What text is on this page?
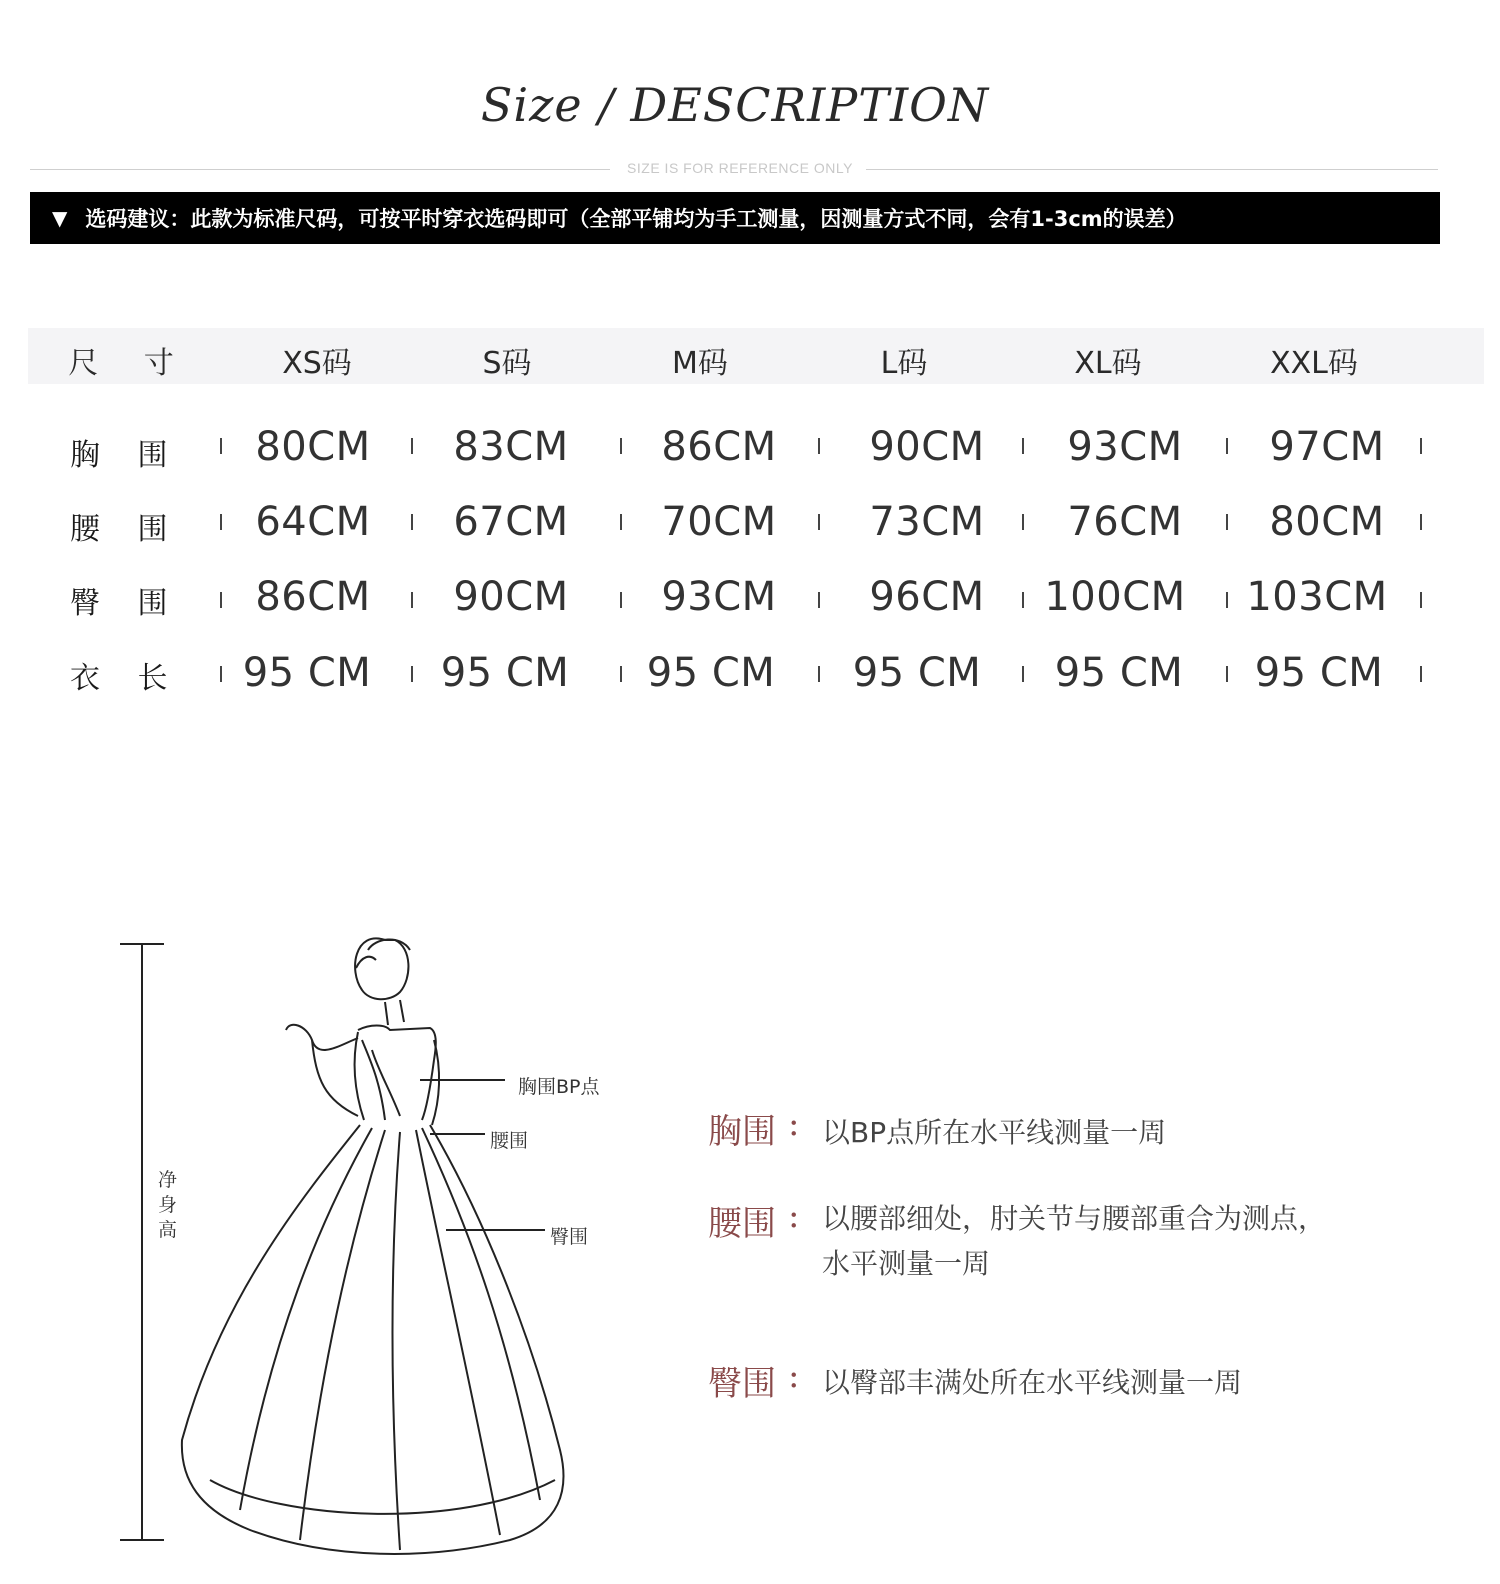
Size / DESCRIPTION
SIZE IS FOR REFERENCE ONLY
▼ 选码建议：此款为标准尺码，可按平时穿衣选码即可（全部平铺均为手工测量，因测量方式不同，会有1-3cm的误差）
尺 寸	XS码	S码	M码	L码	XL码	XXL码
胸 围	80CM	83CM	86CM	90CM	93CM	97CM
腰 围	64CM	67CM	70CM	73CM	76CM	80CM
臀 围	86CM	90CM	93CM	96CM	100CM	103CM
衣 长	95 CM	95 CM	95 CM	95 CM	95 CM	95 CM
胸围BP点
腰围
臀围
净身高
胸围 : 以BP点所在水平线测量一周
腰围 : 以腰部细处，肘关节与腰部重合为测点，水平测量一周
臀围 : 以臀部丰满处所在水平线测量一周
